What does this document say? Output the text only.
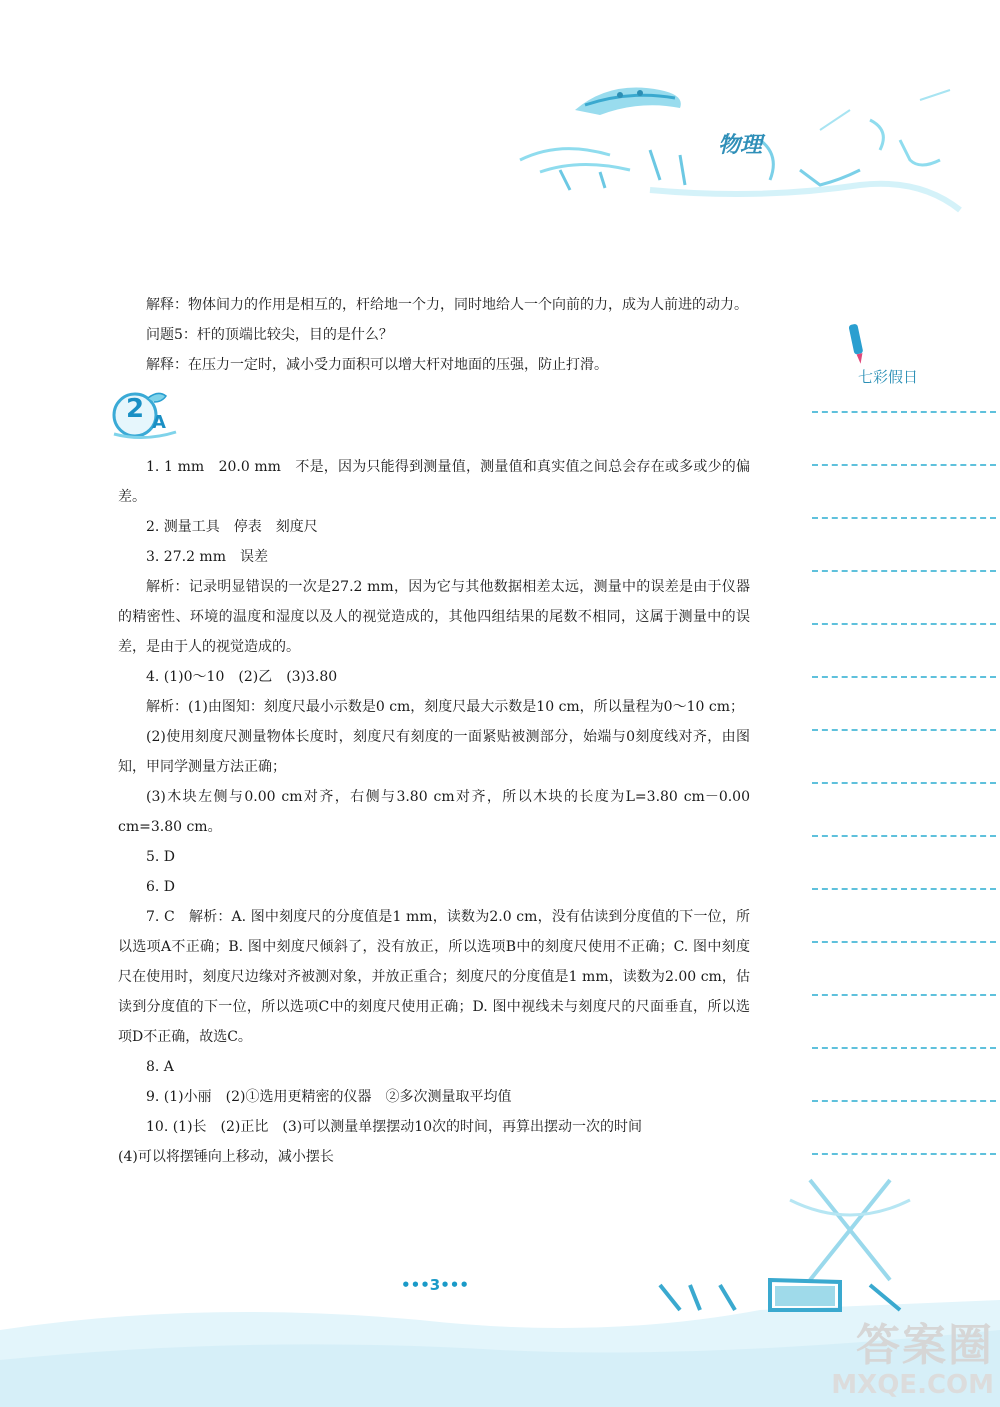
物理
七彩假日

解释：物体间力的作用是相互的，杆给地一个力，同时地给人一个向前的力，成为人前进的动力。

问题5：杆的顶端比较尖，目的是什么？

解释：在压力一定时，减小受力面积可以增大杆对地面的压强，防止打滑。

2 A

1. 1 mm　20.0 mm　不是，因为只能得到测量值，测量值和真实值之间总会存在或多或少的偏差。

2. 测量工具　停表　刻度尺

3. 27.2 mm　误差

解析：记录明显错误的一次是27.2 mm，因为它与其他数据相差太远，测量中的误差是由于仪器的精密性、环境的温度和湿度以及人的视觉造成的，其他四组结果的尾数不相同，这属于测量中的误差，是由于人的视觉造成的。

4. (1)0～10　(2)乙　(3)3.80

解析：(1)由图知：刻度尺最小示数是0 cm，刻度尺最大示数是10 cm，所以量程为0～10 cm；

(2)使用刻度尺测量物体长度时，刻度尺有刻度的一面紧贴被测部分，始端与0刻度线对齐，由图知，甲同学测量方法正确；

(3)木块左侧与0.00 cm对齐，右侧与3.80 cm对齐，所以木块的长度为L=3.80 cm－0.00 cm=3.80 cm。

5. D

6. D

7. C　解析：A. 图中刻度尺的分度值是1 mm，读数为2.0 cm，没有估读到分度值的下一位，所以选项A不正确；B. 图中刻度尺倾斜了，没有放正，所以选项B中的刻度尺使用不正确；C. 图中刻度尺在使用时，刻度尺边缘对齐被测对象，并放正重合；刻度尺的分度值是1 mm，读数为2.00 cm，估读到分度值的下一位，所以选项C中的刻度尺使用正确；D. 图中视线未与刻度尺的尺面垂直，所以选项D不正确，故选C。

8. A

9. (1)小丽　(2)①选用更精密的仪器　②多次测量取平均值

10. (1)长　(2)正比　(3)可以测量单摆摆动10次的时间，再算出摆动一次的时间

(4)可以将摆锤向上移动，减小摆长

•••3•••
答案圈
MXQE.COM
